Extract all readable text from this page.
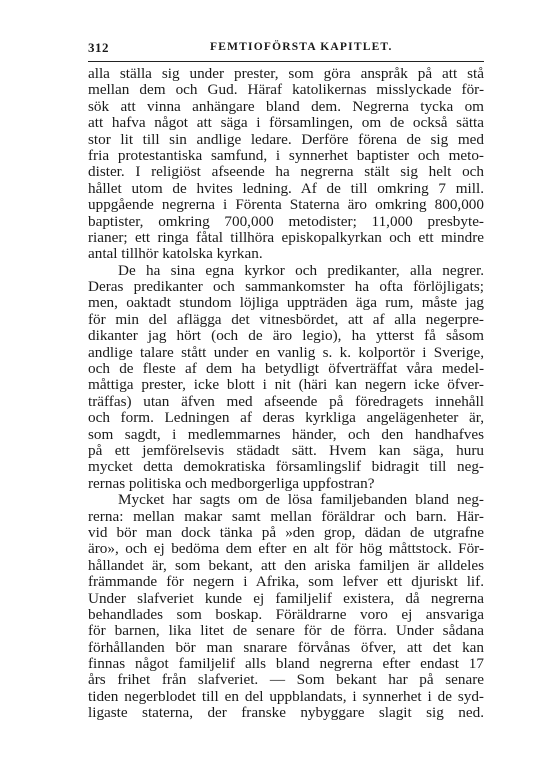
312	FEMTIOFÖRSTA KAPITLET.
alla ställa sig under prester, som göra anspråk på att stå
mellan dem och Gud. Häraf katolikernas misslyckade för-
sök att vinna anhängare bland dem. Negrerna tycka om
att hafva något att säga i församlingen, om de också sätta
stor lit till sin andlige ledare. Derföre förena de sig med
fria protestantiska samfund, i synnerhet baptister och meto-
dister. I religiöst afseende ha negrerna stält sig helt och
hållet utom de hvites ledning. Af de till omkring 7 mill.
uppgående negrerna i Förenta Staterna äro omkring 800,000
baptister, omkring 700,000 metodister; 11,000 presbyte-
rianer; ett ringa fåtal tillhöra episkopalkyrkan och ett mindre
antal tillhör katolska kyrkan.
De ha sina egna kyrkor och predikanter, alla negrer.
Deras predikanter och sammankomster ha ofta förlöjligats;
men, oaktadt stundom löjliga uppträden äga rum, måste jag
för min del aflägga det vitnesbördet, att af alla negerpre-
dikanter jag hört (och de äro legio), ha ytterst få såsom
andlige talare stått under en vanlig s. k. kolportör i Sverige,
och de fleste af dem ha betydligt öfverträffat våra medel-
måttiga prester, icke blott i nit (häri kan negern icke öfver-
träffas) utan äfven med afseende på föredragets innehåll
och form. Ledningen af deras kyrkliga angelägenheter är,
som sagdt, i medlemmarnes händer, och den handhafves
på ett jemförelsevis städadt sätt. Hvem kan säga, huru
mycket detta demokratiska församlingslif bidragit till neg-
rernas politiska och medborgerliga uppfostran?
Mycket har sagts om de lösa familjebanden bland neg-
rerna: mellan makar samt mellan föräldrar och barn. Här-
vid bör man dock tänka på »den grop, dädan de utgrafne
äro», och ej bedöma dem efter en alt för hög måttstock. För-
hållandet är, som bekant, att den ariska familjen är alldeles
främmande för negern i Afrika, som lefver ett djuriskt lif.
Under slafveriet kunde ej familjelif existera, då negrerna
behandlades som boskap. Föräldrarne voro ej ansvariga
för barnen, lika litet de senare för de förra. Under sådana
förhållanden bör man snarare förvånas öfver, att det kan
finnas något familjelif alls bland negrerna efter endast 17
års frihet från slafveriet. — Som bekant har på senare
tiden negerblodet till en del uppblandats, i synnerhet i de syd-
ligaste staterna, der franske nybyggare slagit sig ned.
